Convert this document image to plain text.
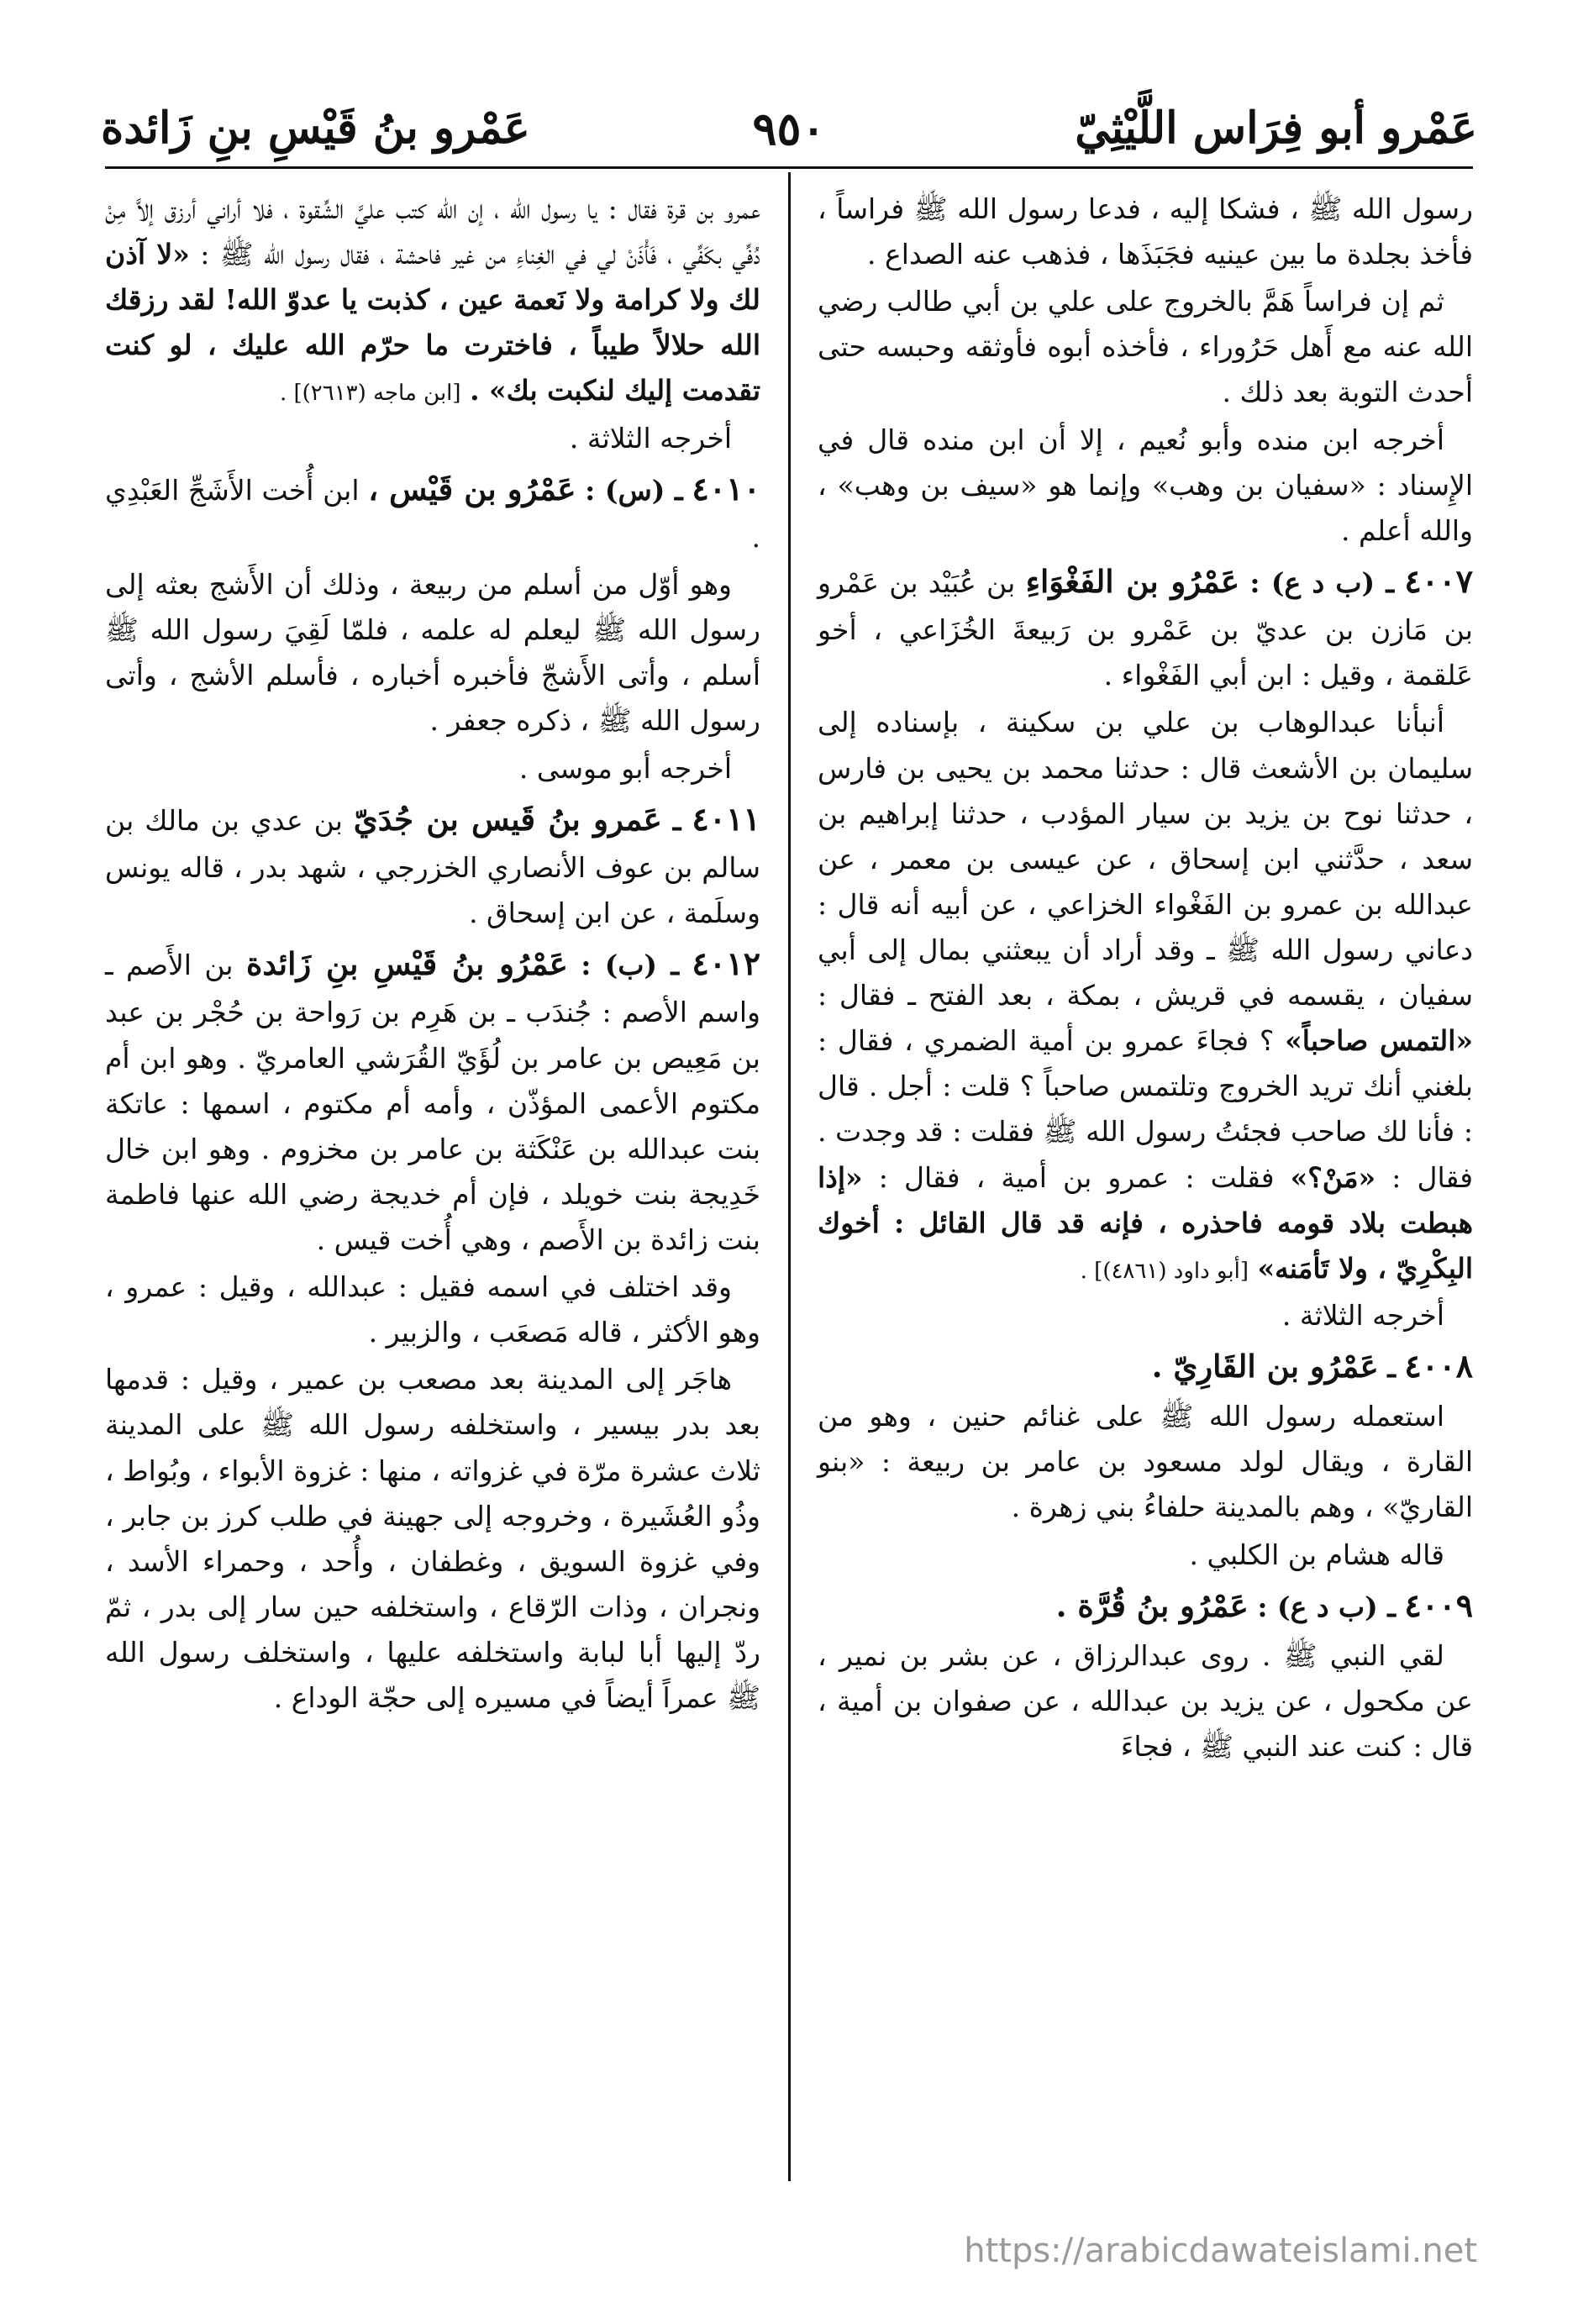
عَمْرو أبو فِرَاس اللَّيْثِيّ
٩٥٠
عَمْرو بنُ قَيْسِ بنِ زَائدة

رسول الله ﷺ ، فشكا إليه ، فدعا رسول الله ﷺ فراساً ، فأخذ بجلدة ما بين عينيه فجَبَذَها ، فذهب عنه الصداع .

ثم إن فراساً هَمَّ بالخروج على علي بن أبي طالب رضي الله عنه مع أَهل حَرُوراء ، فأخذه أبوه فأوثقه وحبسه حتى أحدث التوبة بعد ذلك .

أخرجه ابن منده وأبو نُعيم ، إلا أن ابن منده قال في الإِسناد : «سفيان بن وهب» وإنما هو «سيف بن وهب» ، والله أعلم .

٤٠٠٧ ـ (ب د ع) : عَمْرُو بن الفَغْوَاءِ بن عُبَيْد بن عَمْرو بن مَازن بن عديّ بن عَمْرو بن رَبيعةَ الخُزَاعي ، أخو عَلقمة ، وقيل : ابن أبي الفَغْواء .

أنبأنا عبدالوهاب بن علي بن سكينة ، بإسناده إلى سليمان بن الأشعث قال : حدثنا محمد بن يحيى بن فارس ، حدثنا نوح بن يزيد بن سيار المؤدب ، حدثنا إبراهيم بن سعد ، حدَّثني ابن إسحاق ، عن عيسى بن معمر ، عن عبدالله بن عمرو بن الفَغْواء الخزاعي ، عن أبيه أنه قال : دعاني رسول الله ﷺ ـ وقد أراد أن يبعثني بمال إلى أبي سفيان ، يقسمه في قريش ، بمكة ، بعد الفتح ـ فقال : «التمس صاحباً» ؟ فجاءَ عمرو بن أمية الضمري ، فقال : بلغني أنك تريد الخروج وتلتمس صاحباً ؟ قلت : أجل . قال : فأنا لك صاحب فجئتُ رسول الله ﷺ فقلت : قد وجدت . فقال : «مَنْ؟» فقلت : عمرو بن أمية ، فقال : «إذا هبطت بلاد قومه فاحذره ، فإنه قد قال القائل : أخوك البِكْرِيّ ، ولا تَأمَنه» [أبو داود (٤٨٦١)] .

أخرجه الثلاثة .

٤٠٠٨ ـ عَمْرُو بن القَارِيّ .

استعمله رسول الله ﷺ على غنائم حنين ، وهو من القارة ، ويقال لولد مسعود بن عامر بن ربيعة : «بنو القاريّ» ، وهم بالمدينة حلفاءُ بني زهرة .

قاله هشام بن الكلبي .

٤٠٠٩ ـ (ب د ع) : عَمْرُو بنُ قُرَّة .

لقي النبي ﷺ . روى عبدالرزاق ، عن بشر بن نمير ، عن مكحول ، عن يزيد بن عبدالله ، عن صفوان بن أمية ، قال : كنت عند النبي ﷺ ، فجاءَ

عمرو بن قرة فقال : يا رسول الله ، إن الله كتب عليَّ الشِّقوة ، فلا أراني أرزق إلاَّ مِنْ دُفِّي بكَفِّي ، فَأْذَنْ لي في الغِناءِ من غير فاحشة ، فقال رسول الله ﷺ : «لا آذن لك ولا كرامة ولا نَعمة عين ، كذبت يا عدوّ الله! لقد رزقك الله حلالاً طيباً ، فاخترت ما حرّم الله عليك ، لو كنت تقدمت إليك لنكبت بك» . [ابن ماجه (٢٦١٣)] .

أخرجه الثلاثة .

٤٠١٠ ـ (س) : عَمْرُو بن قَيْس ، ابن أُخت الأَشَجِّ العَبْدِي .

وهو أوّل من أسلم من ربيعة ، وذلك أن الأَشج بعثه إلى رسول الله ﷺ ليعلم له علمه ، فلمّا لَقِيَ رسول الله ﷺ أسلم ، وأتى الأَشجّ فأخبره أخباره ، فأسلم الأشج ، وأتى رسول الله ﷺ ، ذكره جعفر .

أخرجه أبو موسى .

٤٠١١ ـ عَمرو بنُ قَيس بن جُدَيّ بن عدي بن مالك بن سالم بن عوف الأنصاري الخزرجي ، شهد بدر ، قاله يونس وسلَمة ، عن ابن إسحاق .

٤٠١٢ ـ (ب) : عَمْرُو بنُ قَيْسِ بنِ زَائدة بن الأَصم ـ واسم الأصم : جُندَب ـ بن هَرِم بن رَواحة بن حُجْر بن عبد بن مَعِيص بن عامر بن لُؤَيّ القُرَشي العامريّ . وهو ابن أم مكتوم الأعمى المؤذّن ، وأمه أم مكتوم ، اسمها : عاتكة بنت عبدالله بن عَنْكَثة بن عامر بن مخزوم . وهو ابن خال خَدِيجة بنت خويلد ، فإن أم خديجة رضي الله عنها فاطمة بنت زائدة بن الأَصم ، وهي أُخت قيس .

وقد اختلف في اسمه فقيل : عبدالله ، وقيل : عمرو ، وهو الأكثر ، قاله مَصعَب ، والزبير .

هاجَر إلى المدينة بعد مصعب بن عمير ، وقيل : قدمها بعد بدر بيسير ، واستخلفه رسول الله ﷺ على المدينة ثلاث عشرة مرّة في غزواته ، منها : غزوة الأبواء ، وبُواط ، وذُو العُشَيرة ، وخروجه إلى جهينة في طلب كرز بن جابر ، وفي غزوة السويق ، وغطفان ، وأُحد ، وحمراء الأسد ، ونجران ، وذات الرّقاع ، واستخلفه حين سار إلى بدر ، ثمّ ردّ إليها أبا لبابة واستخلفه عليها ، واستخلف رسول الله ﷺ عمراً أيضاً في مسيره إلى حجّة الوداع .

https://arabicdawateislami.net
